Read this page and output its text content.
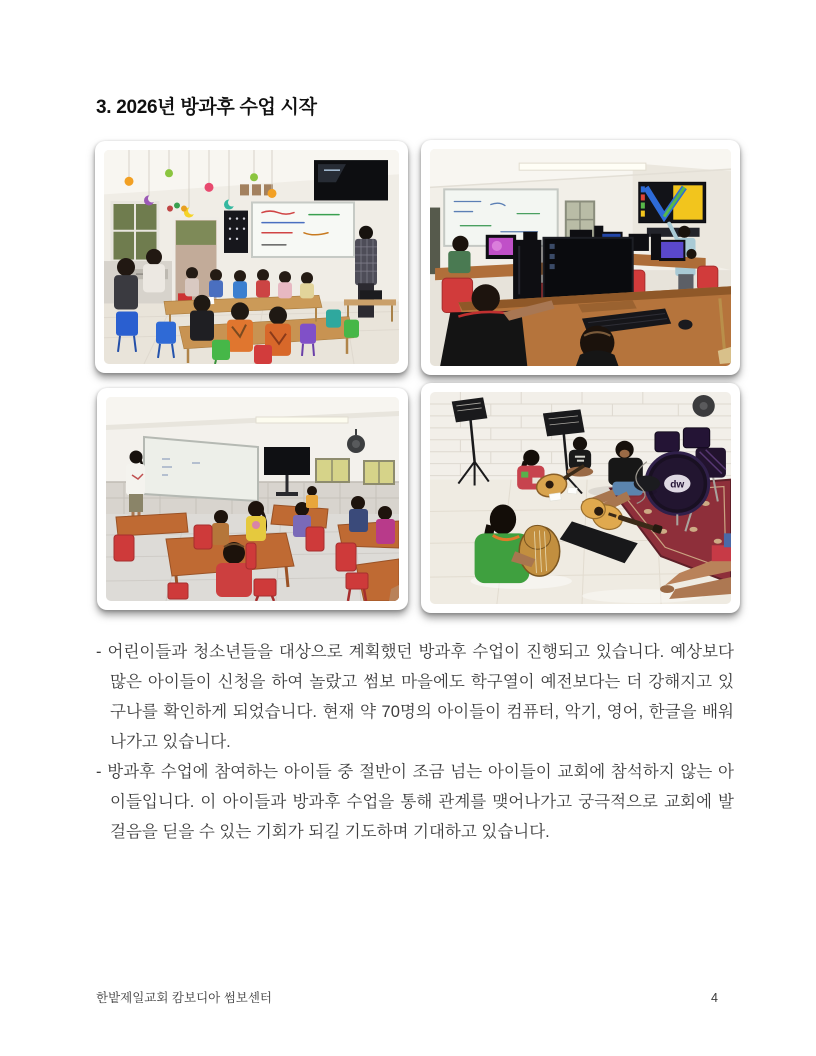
3. 2026년 방과후 수업 시작
dw
- 어린이들과 청소년들을 대상으로 계획했던 방과후 수업이 진행되고 있습니다. 예상보다 많은 아이들이 신청을 하여 놀랐고 썸보 마을에도 학구열이 예전보다는 더 강해지고 있구나를 확인하게 되었습니다. 현재 약 70명의 아이들이 컴퓨터, 악기, 영어, 한글을 배워나가고 있습니다.
- 방과후 수업에 참여하는 아이들 중 절반이 조금 넘는 아이들이 교회에 참석하지 않는 아이들입니다. 이 아이들과 방과후 수업을 통해 관계를 맺어나가고 궁극적으로 교회에 발걸음을 딛을 수 있는 기회가 되길 기도하며 기대하고 있습니다.
한밭제일교회 캄보디아 썸보센터	4
